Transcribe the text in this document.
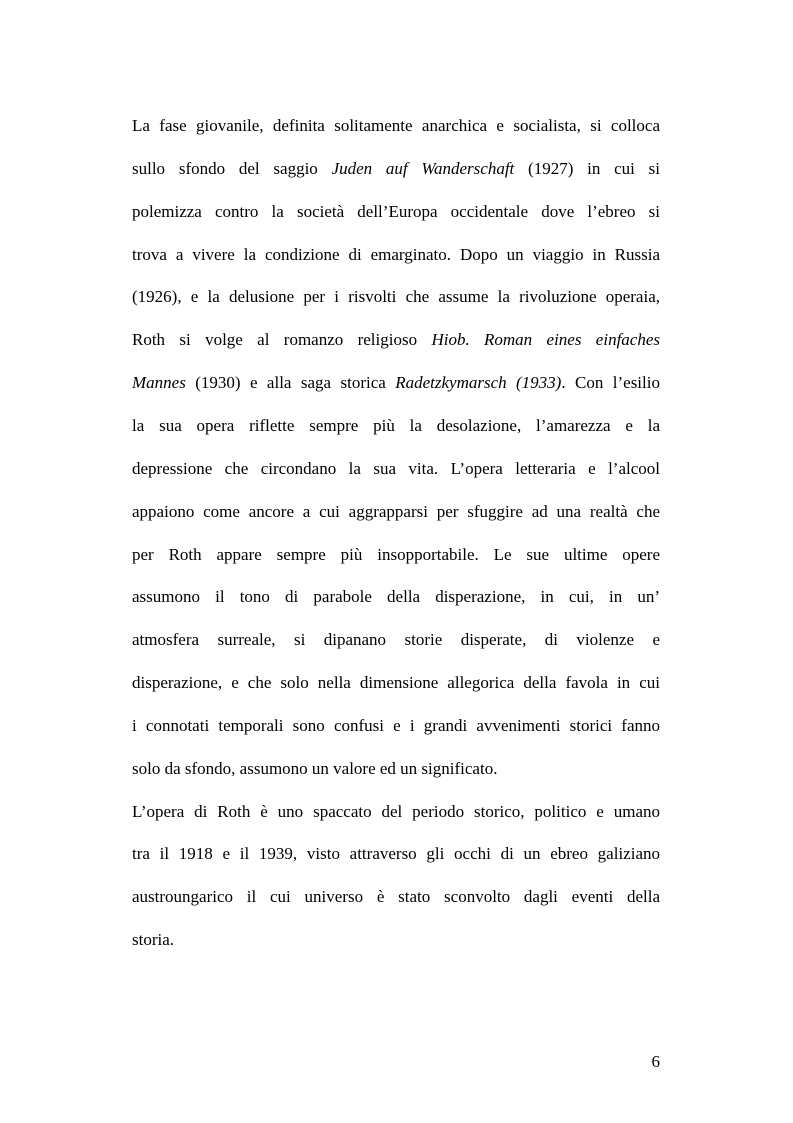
La fase giovanile, definita solitamente anarchica e socialista, si colloca
sullo sfondo del saggio Juden auf Wanderschaft (1927) in cui si
polemizza contro la società dell’Europa occidentale dove l’ebreo si
trova a vivere la condizione di emarginato. Dopo un viaggio in Russia
(1926), e la delusione per i risvolti che assume la rivoluzione operaia,
Roth si volge al romanzo religioso Hiob. Roman eines einfaches
Mannes (1930) e alla saga storica Radetzkymarsch (1933). Con l’esilio
la sua opera riflette sempre più la desolazione, l’amarezza e la
depressione che circondano la sua vita. L’opera letteraria e l’alcool
appaiono come ancore a cui aggrapparsi per sfuggire ad una realtà che
per Roth appare sempre più insopportabile. Le sue ultime opere
assumono il tono di parabole della disperazione, in cui, in un’
atmosfera surreale, si dipanano storie disperate, di violenze e
disperazione, e che solo nella dimensione allegorica della favola in cui
i connotati temporali sono confusi e i grandi avvenimenti storici fanno
solo da sfondo, assumono un valore ed un significato.
L’opera di Roth è uno spaccato del periodo storico, politico e umano
tra il 1918 e il 1939, visto attraverso gli occhi di un ebreo galiziano
austroungarico il cui universo è stato sconvolto dagli eventi della
storia.
6
